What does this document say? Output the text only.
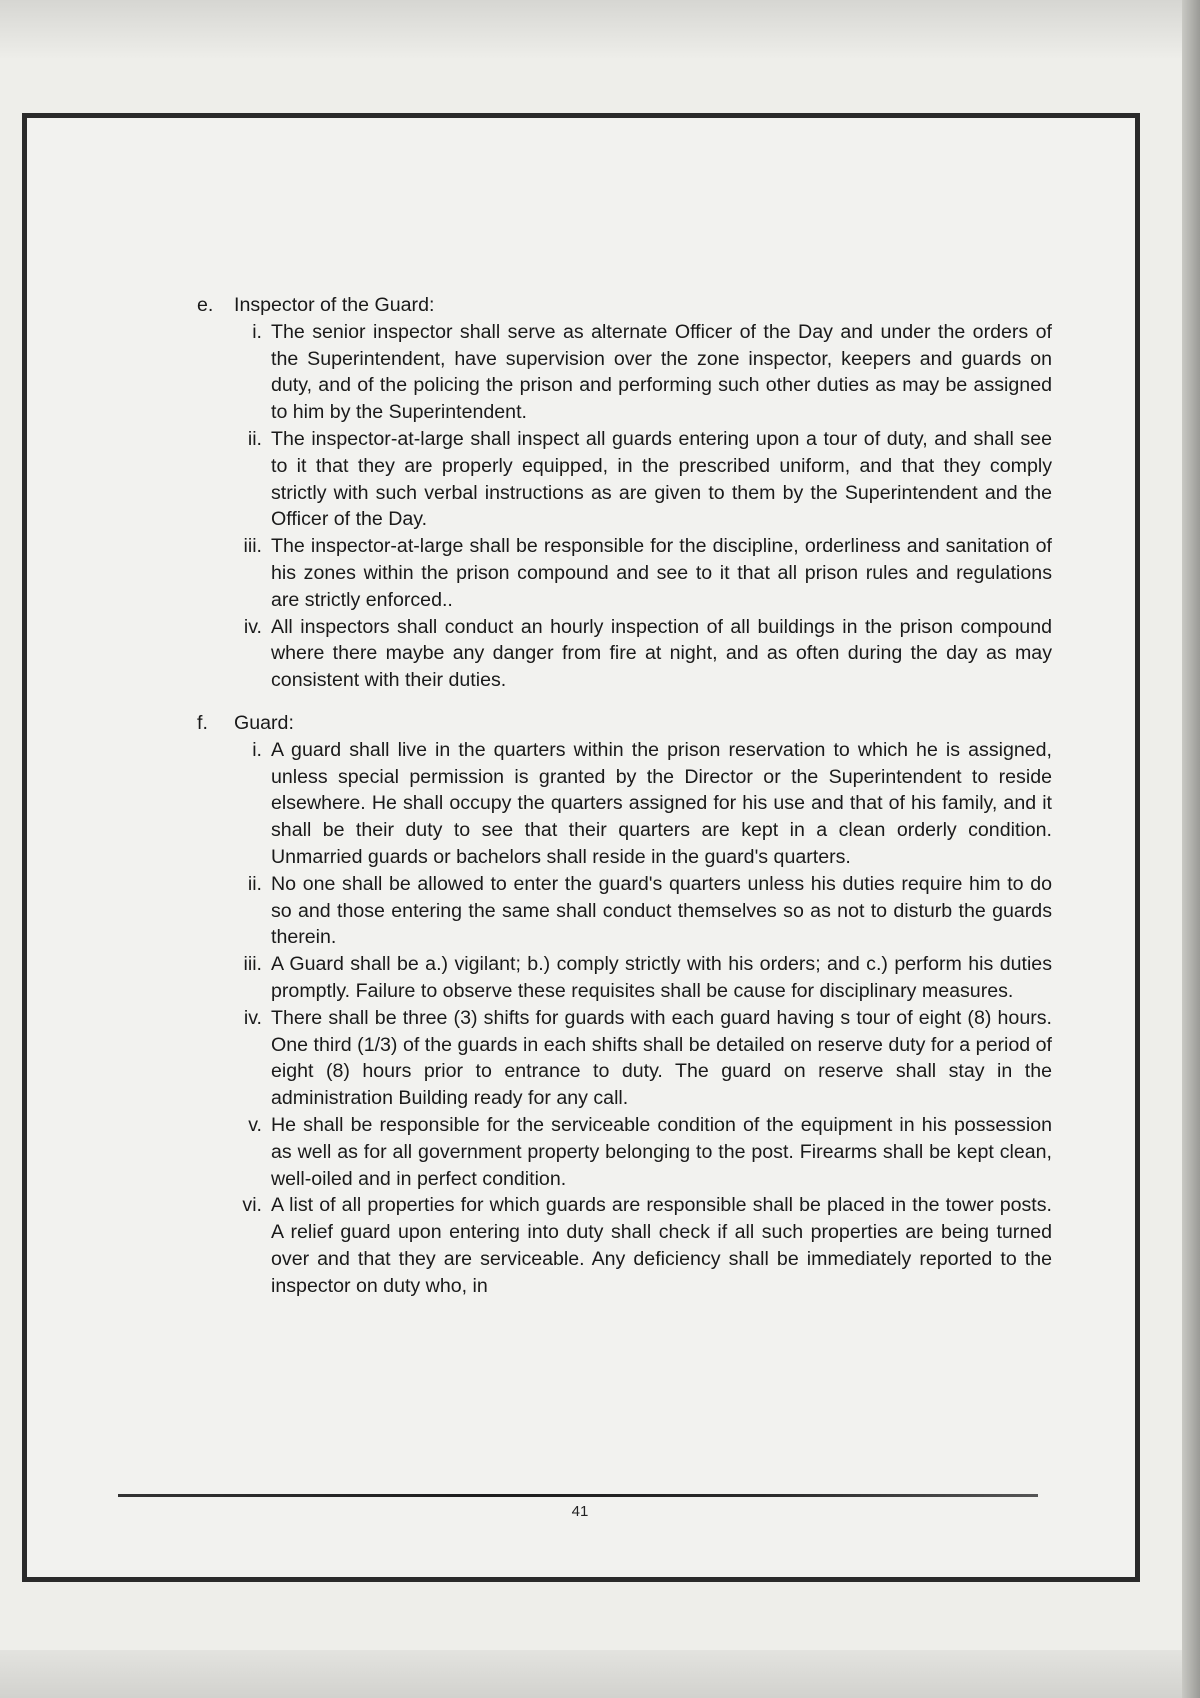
e.	Inspector of the Guard:
i. The senior inspector shall serve as alternate Officer of the Day and under the orders of the Superintendent, have supervision over the zone inspector, keepers and guards on duty, and of the policing the prison and performing such other duties as may be assigned to him by the Superintendent.
ii. The inspector-at-large shall inspect all guards entering upon a tour of duty, and shall see to it that they are properly equipped, in the prescribed uniform, and that they comply strictly with such verbal instructions as are given to them by the Superintendent and the Officer of the Day.
iii. The inspector-at-large shall be responsible for the discipline, orderliness and sanitation of his zones within the prison compound and see to it that all prison rules and regulations are strictly enforced..
iv. All inspectors shall conduct an hourly inspection of all buildings in the prison compound where there maybe any danger from fire at night, and as often during the day as may consistent with their duties.
f.	Guard:
i. A guard shall live in the quarters within the prison reservation to which he is assigned, unless special permission is granted by the Director or the Superintendent to reside elsewhere. He shall occupy the quarters assigned for his use and that of his family, and it shall be their duty to see that their quarters are kept in a clean orderly condition. Unmarried guards or bachelors shall reside in the guard's quarters.
ii. No one shall be allowed to enter the guard's quarters unless his duties require him to do so and those entering the same shall conduct themselves so as not to disturb the guards therein.
iii. A Guard shall be a.) vigilant; b.) comply strictly with his orders; and c.) perform his duties promptly. Failure to observe these requisites shall be cause for disciplinary measures.
iv. There shall be three (3) shifts for guards with each guard having s tour of eight (8) hours. One third (1/3) of the guards in each shifts shall be detailed on reserve duty for a period of eight (8) hours prior to entrance to duty. The guard on reserve shall stay in the administration Building ready for any call.
v. He shall be responsible for the serviceable condition of the equipment in his possession as well as for all government property belonging to the post. Firearms shall be kept clean, well-oiled and in perfect condition.
vi. A list of all properties for which guards are responsible shall be placed in the tower posts. A relief guard upon entering into duty shall check if all such properties are being turned over and that they are serviceable. Any deficiency shall be immediately reported to the inspector on duty who, in
41
